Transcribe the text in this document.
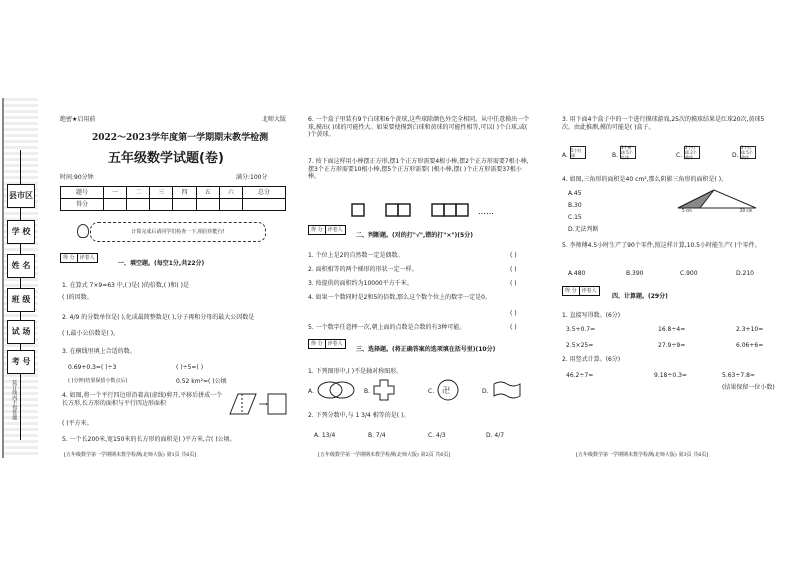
县市区
学 校
姓 名
班 级
试 场
考 号
装订线内不得答题
绝密★启用前	北师大版
2022～2023学年度第一学期期末教学检测
五年级数学试题(卷)
时间:90分钟	满分:100分
题号	一	二	三	四	五	六	总分
得分							
计算完成后请同学们检查一下,相信你能行!
得 分	评卷人
一、填空题。(每空1分,共22分)
1. 在算式 7×9=63 中,( )是( )的倍数,( )和( )是
( )的因数。
2. 4/9 的分数单位是( ),化成最简整数是( ),分子再和分母的最大公因数是
( ),最小公倍数是( )。
3. 在横线里填上合适的数。
0.69+0.3=( )÷3	( )÷5=( )
0.52 km²=( )公顷
( )分钟(结果保留小数点后)
4. 如图,将一个平行四边形沿着高(虚线)剪开,平移后拼成一个长方形,长方形的面积与平行四边形面积
( )平方米。
⟹
5. 一个长200米,宽150米的长方形的面积是( )平方米,合( )公顷。
[五年级数学第一学期期末教学检测(北师大版) 第1页 共6页]
6. 一个盒子里装有9个白球和6个黄球,这些球除颜色外完全相同。从中任意摸出一个球,摸出( )球的可能性大。如果要使摸到白球和黄球的可能性相等,可以( )个白球,或( )个黄球。
7. 按下面这样用小棒摆正方形,摆1个正方形需要4根小棒,摆2个正方形需要7根小棒,摆3个正方形需要10根小棒,摆5个正方形需要( )根小棒,摆( )个正方形需要37根小棒。
……
得 分	评卷人
二、判断题。(对的打"√",错的打"×")(5分)
1. 个位上是2的自然数一定是偶数。
2. 面积相等的两个梯形的形状一定一样。
3. 按提供的面积约为10000平方千米。
4. 如果一个数同时是2和5的倍数,那么这个数个位上的数字一定是0。
5. 一个数字任意摔一次,朝上面的点数是合数的有3种可能。
( )
( )
( )
( )
( )
得 分	评卷人
三、选择题。(将正确答案的选项填在括号里)(10分)
1. 下列图形中,( )不是轴对称图形。
A.	B.	C.	D.
卍
2. 下列分数中,与 1 3/4 相等的是( )。
A. 13/4	B. 7/4	C. 4/3	D. 4/7
[五年级数学第一学期期末教学检测(北师大版) 第2页 共6页]
3. 用下面4个盒子中的一个进行摸球游戏,25次的摸球结果是红球20次,黄球5次。由此推测,摸的可能是( )盒子。
A.
5个红球	B.
3个黄球 5个红球	C.
2个红球 2个黄球	D.
2个红球 5个黄球
4. 如图,三角形的面积是40 cm²,那么阴影三角形的面积是( )。
A.45
B.30
C.15
D.无法判断
5 cm	20 cm
5. 李师傅4.5小时生产了90个零件,照这样计算,10.5小时能生产( )个零件。
A.480	B.390	C.900	D.210
得 分	评卷人
四、计算题。(29分)
1. 直接写得数。(6分)
3.5+0.7=	16.8÷4=	2.3+10=
2.5×25=	27.9÷9=	6.06+6=
2. 用竖式计算。(6分)
46.2÷7=	9.18÷0.3=	5.63÷7.8≈
(结果保留一位小数)
[五年级数学第一学期期末教学检测(北师大版) 第3页 共6页]
